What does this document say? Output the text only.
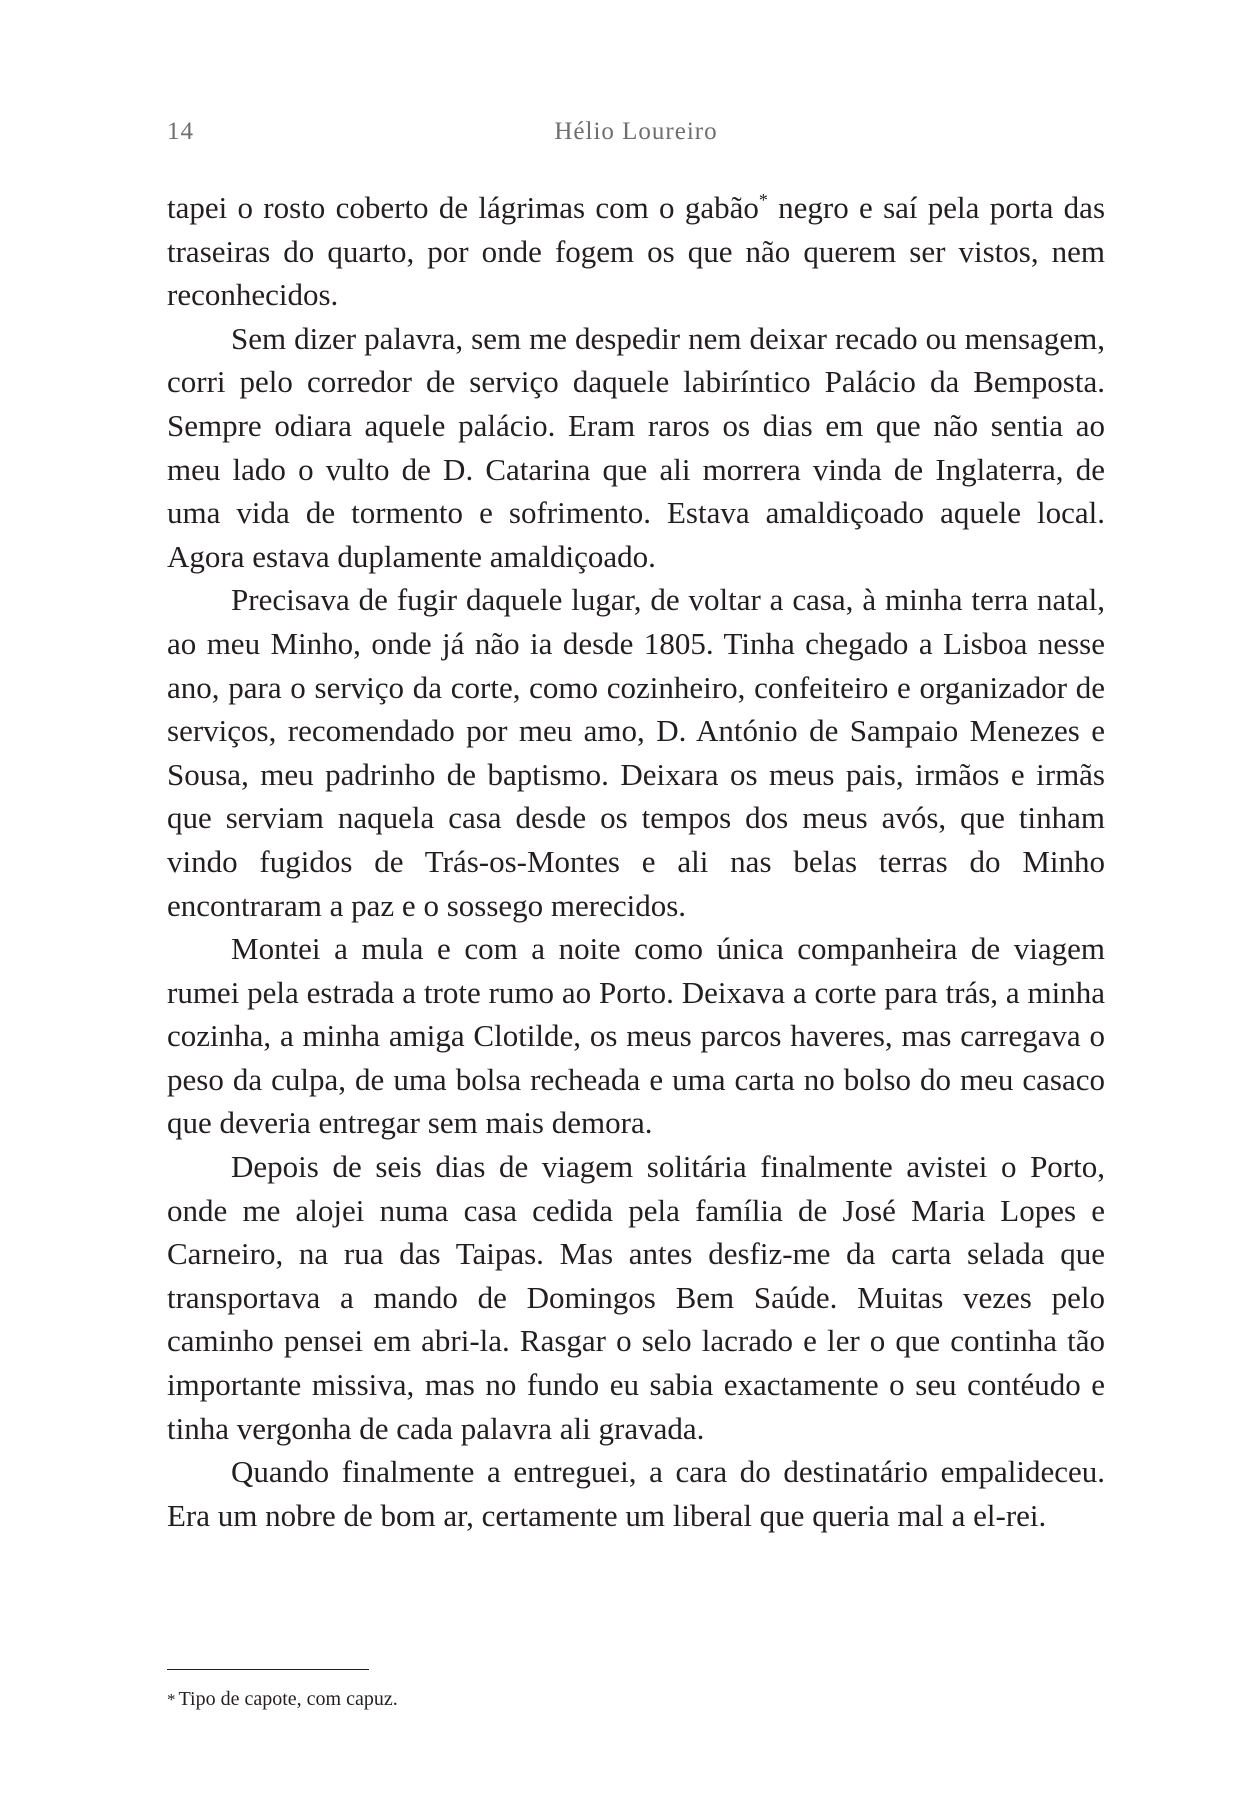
14	Hélio Loureiro

tapei o rosto coberto de lágrimas com o gabão* negro e saí pela porta das traseiras do quarto, por onde fogem os que não querem ser vistos, nem reconhecidos.

Sem dizer palavra, sem me despedir nem deixar recado ou mensagem, corri pelo corredor de serviço daquele labiríntico Palácio da Bemposta. Sempre odiara aquele palácio. Eram raros os dias em que não sentia ao meu lado o vulto de D. Catarina que ali morrera vinda de Inglaterra, de uma vida de tormento e sofrimento. Estava amaldiçoado aquele local. Agora estava duplamente amaldiçoado.

Precisava de fugir daquele lugar, de voltar a casa, à minha terra natal, ao meu Minho, onde já não ia desde 1805. Tinha chegado a Lisboa nesse ano, para o serviço da corte, como cozinheiro, confeiteiro e organizador de serviços, recomendado por meu amo, D. António de Sampaio Menezes e Sousa, meu padrinho de baptismo. Deixara os meus pais, irmãos e irmãs que serviam naquela casa desde os tempos dos meus avós, que tinham vindo fugidos de Trás-os-Montes e ali nas belas terras do Minho encontraram a paz e o sossego merecidos.

Montei a mula e com a noite como única companheira de viagem rumei pela estrada a trote rumo ao Porto. Deixava a corte para trás, a minha cozinha, a minha amiga Clotilde, os meus parcos haveres, mas carregava o peso da culpa, de uma bolsa recheada e uma carta no bolso do meu casaco que deveria entregar sem mais demora.

Depois de seis dias de viagem solitária finalmente avistei o Porto, onde me alojei numa casa cedida pela família de José Maria Lopes e Carneiro, na rua das Taipas. Mas antes desfiz-me da carta selada que transportava a mando de Domingos Bem Saúde. Muitas vezes pelo caminho pensei em abri-la. Rasgar o selo lacrado e ler o que continha tão importante missiva, mas no fundo eu sabia exactamente o seu contéudo e tinha vergonha de cada palavra ali gravada.

Quando finalmente a entreguei, a cara do destinatário empalideceu. Era um nobre de bom ar, certamente um liberal que queria mal a el-rei.

* Tipo de capote, com capuz.
